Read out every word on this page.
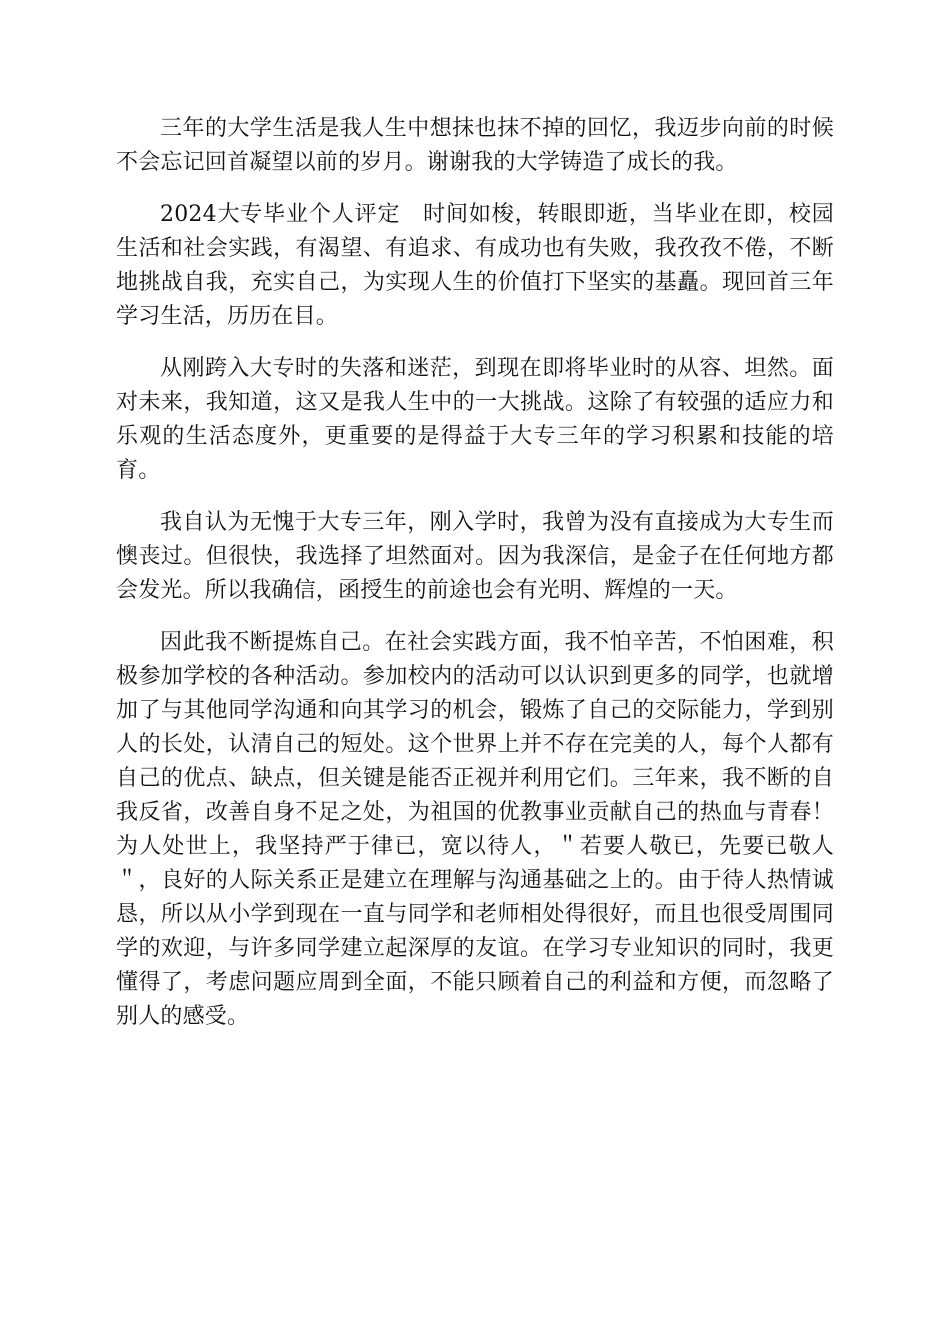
三年的大学生活是我人生中想抹也抹不掉的回忆，我迈步向前的时候不会忘记回首凝望以前的岁月。谢谢我的大学铸造了成长的我。

2024大专毕业个人评定　时间如梭，转眼即逝，当毕业在即，校园生活和社会实践，有渴望、有追求、有成功也有失败，我孜孜不倦，不断地挑战自我，充实自己，为实现人生的价值打下坚实的基矗。现回首三年学习生活，历历在目。

从刚跨入大专时的失落和迷茫，到现在即将毕业时的从容、坦然。面对未来，我知道，这又是我人生中的一大挑战。这除了有较强的适应力和乐观的生活态度外，更重要的是得益于大专三年的学习积累和技能的培育。

我自认为无愧于大专三年，刚入学时，我曾为没有直接成为大专生而懊丧过。但很快，我选择了坦然面对。因为我深信，是金子在任何地方都会发光。所以我确信，函授生的前途也会有光明、辉煌的一天。

因此我不断提炼自己。在社会实践方面，我不怕辛苦，不怕困难，积极参加学校的各种活动。参加校内的活动可以认识到更多的同学，也就增加了与其他同学沟通和向其学习的机会，锻炼了自己的交际能力，学到别人的长处，认清自己的短处。这个世界上并不存在完美的人，每个人都有自己的优点、缺点，但关键是能否正视并利用它们。三年来，我不断的自我反省，改善自身不足之处，为祖国的优教事业贡献自己的热血与青春！为人处世上，我坚持严于律已，宽以待人，＂若要人敬已，先要已敬人＂，良好的人际关系正是建立在理解与沟通基础之上的。由于待人热情诚恳，所以从小学到现在一直与同学和老师相处得很好，而且也很受周围同学的欢迎，与许多同学建立起深厚的友谊。在学习专业知识的同时，我更懂得了，考虑问题应周到全面，不能只顾着自己的利益和方便，而忽略了别人的感受。
